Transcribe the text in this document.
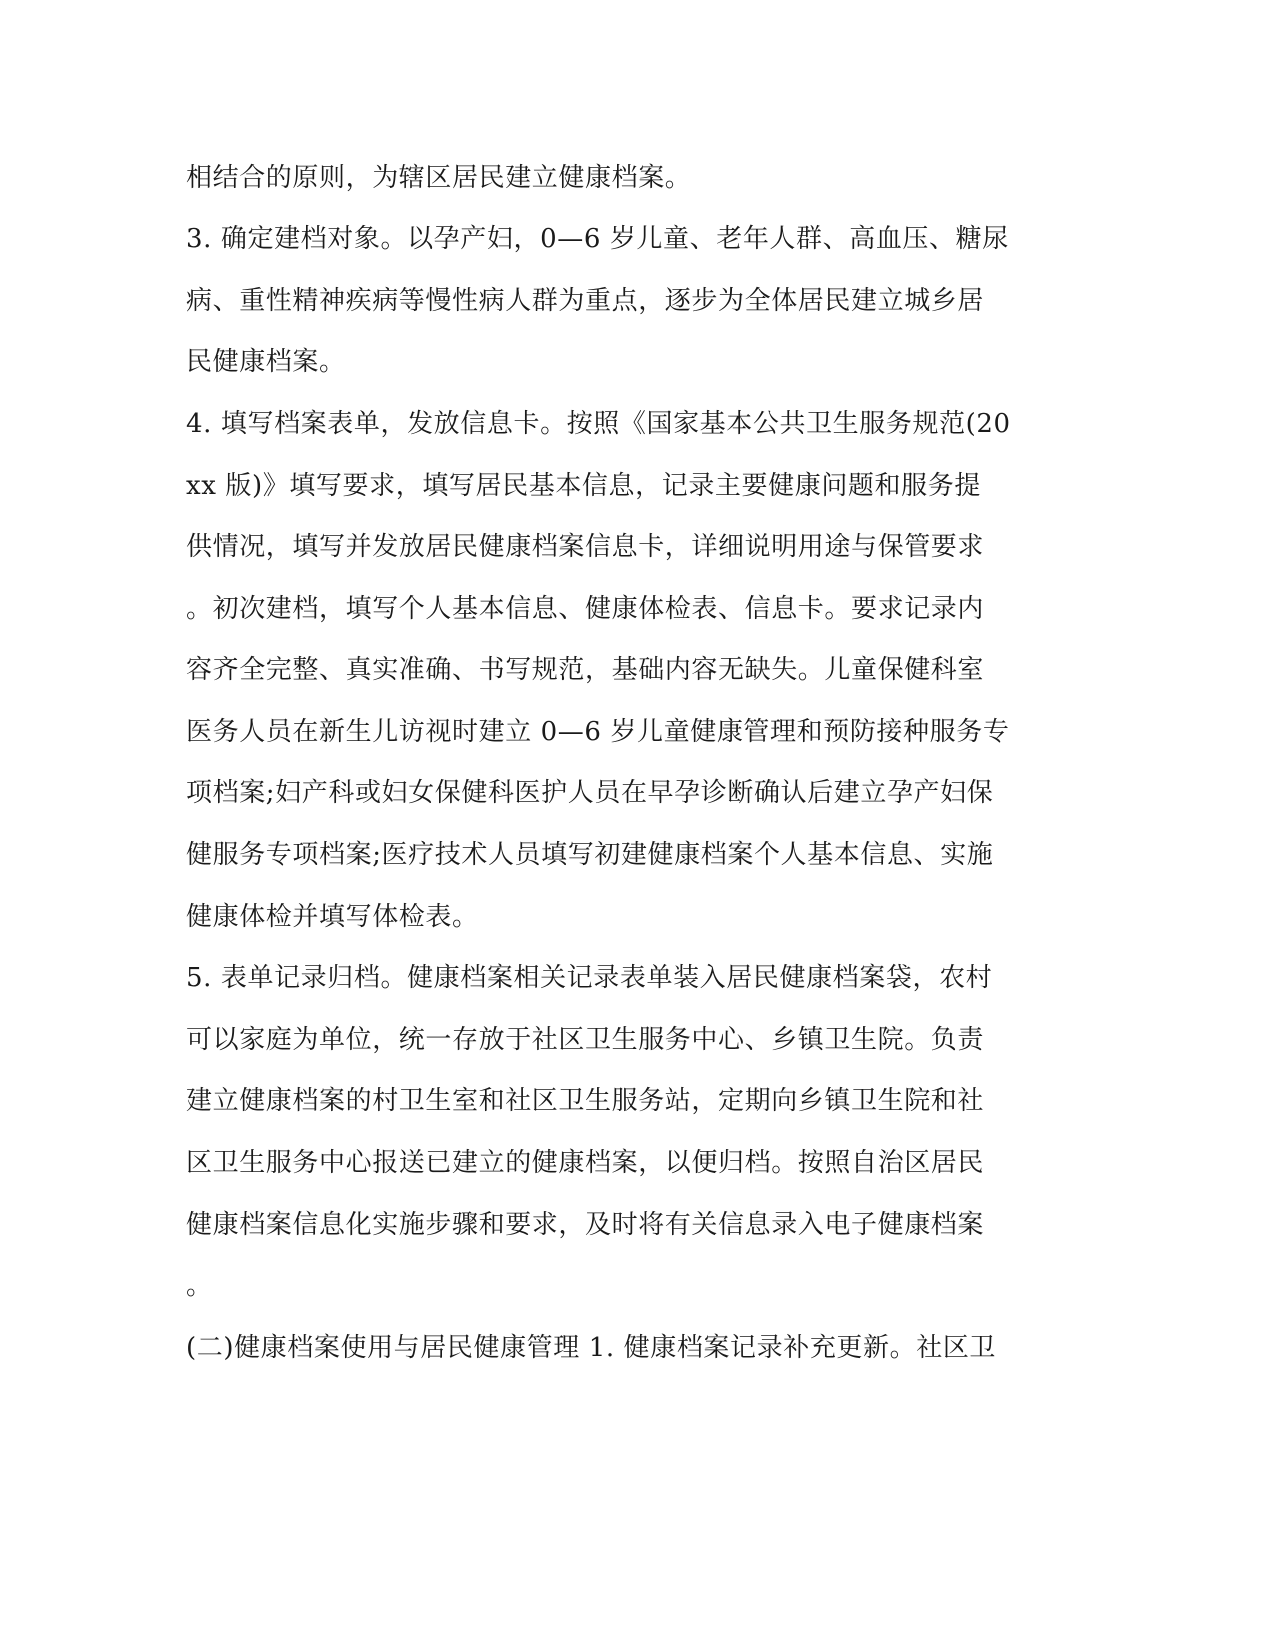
相结合的原则，为辖区居民建立健康档案。

3. 确定建档对象。以孕产妇，0—6 岁儿童、老年人群、高血压、糖尿

病、重性精神疾病等慢性病人群为重点，逐步为全体居民建立城乡居

民健康档案。

4. 填写档案表单，发放信息卡。按照《国家基本公共卫生服务规范(20

xx 版)》填写要求，填写居民基本信息，记录主要健康问题和服务提

供情况，填写并发放居民健康档案信息卡，详细说明用途与保管要求

。初次建档，填写个人基本信息、健康体检表、信息卡。要求记录内

容齐全完整、真实准确、书写规范，基础内容无缺失。儿童保健科室

医务人员在新生儿访视时建立 0—6 岁儿童健康管理和预防接种服务专

项档案;妇产科或妇女保健科医护人员在早孕诊断确认后建立孕产妇保

健服务专项档案;医疗技术人员填写初建健康档案个人基本信息、实施

健康体检并填写体检表。

5. 表单记录归档。健康档案相关记录表单装入居民健康档案袋，农村

可以家庭为单位，统一存放于社区卫生服务中心、乡镇卫生院。负责

建立健康档案的村卫生室和社区卫生服务站，定期向乡镇卫生院和社

区卫生服务中心报送已建立的健康档案，以便归档。按照自治区居民

健康档案信息化实施步骤和要求，及时将有关信息录入电子健康档案

。

(二)健康档案使用与居民健康管理 1. 健康档案记录补充更新。社区卫
